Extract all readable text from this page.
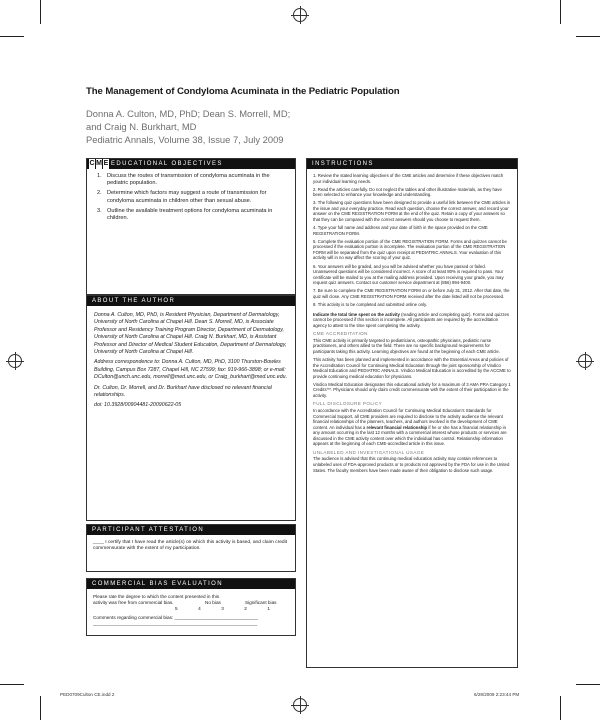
The Management of Condyloma Acuminata in the Pediatric Population
Donna A. Culton, MD, PhD; Dean S. Morrell, MD;
and Craig N. Burkhart, MD
Pediatric Annals, Volume 38, Issue 7, July 2009
C M E EDUCATIONAL OBJECTIVES
1. Discuss the routes of transmission of condyloma acuminata in the pediatric population.
2. Determine which factors may suggest a route of transmission for condyloma acuminata in children other than sexual abuse.
3. Outline the available treatment options for condyloma acuminata in children.
ABOUT THE AUTHOR

Donna A. Culton, MD, PhD, is Resident Physician, Department of Dermatology, University of North Carolina at Chapel Hill. Dean S. Morrell, MD, is Associate Professor and Residency Training Program Director, Department of Dermatology, University of North Carolina at Chapel Hill. Craig N. Burkhart, MD, is Assistant Professor and Director of Medical Student Education, Department of Dermatology, University of North Carolina at Chapel Hill.

Address correspondence to: Donna A. Culton, MD, PhD, 3100 Thurston-Bowles Building, Campus Box 7287, Chapel Hill, NC 27599; fax: 919-966-3898; or e-mail: DCulton@unch.unc.edu, morrell@med.unc.edu, or Craig_burkhart@med.unc.edu.

Dr. Culton, Dr. Morrell, and Dr. Burkhart have disclosed no relevant financial relationships.

doi: 10.3928/00904481-20090622-05

PARTICIPANT ATTESTATION
____ I certify that I have read the article(s) on which this activity is based, and claim credit commensurate with the extent of my participation.
COMMERCIAL BIAS EVALUATION
Please rate the degree to which the content presented in this
activity was free from commercial bias.	No bias	Significant bias
5	4	3	2	1
Comments regarding commercial bias: ________________________________
_______________________________________________________________
INSTRUCTIONS

1. Review the stated learning objectives of the CME articles and determine if these objectives match your individual learning needs.

2. Read the articles carefully. Do not neglect the tables and other illustrative materials, as they have been selected to enhance your knowledge and understanding.

3. The following quiz questions have been designed to provide a useful link between the CME articles in the issue and your everyday practice. Read each question, choose the correct answer, and record your answer on the CME REGISTRATION FORM at the end of the quiz. Retain a copy of your answers so that they can be compared with the correct answers should you choose to request them.

4. Type your full name and address and your date of birth in the space provided on the CME REGISTRATION FORM.

5. Complete the evaluation portion of the CME REGISTRATION FORM. Forms and quizzes cannot be processed if the evaluation portion is incomplete. The evaluation portion of the CME REGISTRATION FORM will be separated from the quiz upon receipt at PEDIATRIC ANNALS. Your evaluation of this activity will in no way affect the scoring of your quiz.

6. Your answers will be graded, and you will be advised whether you have passed or failed. Unanswered questions will be considered incorrect. A score of at least 80% is required to pass. Your certificate will be mailed to you at the mailing address provided. Upon receiving your grade, you may request quiz answers. Contact our customer service department at (856) 994-9400.

7. Be sure to complete the CME REGISTRATION FORM on or before July 31, 2012. After that date, the quiz will close. Any CME REGISTRATION FORM received after the date listed will not be processed.

8. This activity is to be completed and submitted online only.

Indicate the total time spent on the activity (reading article and completing quiz). Forms and quizzes cannot be processed if this section is incomplete. All participants are required by the accreditation agency to attest to the time spent completing the activity.

CME ACCREDITATION

This CME activity is primarily targeted to pediatricians, osteopathic physicians, pediatric nurse practitioners, and others allied to the field. There are no specific background requirements for participants taking this activity. Learning objectives are found at the beginning of each CME article.

This activity has been planned and implemented in accordance with the Essential Areas and policies of the Accreditation Council for Continuing Medical Education through the joint sponsorship of Vindico Medical Education and PEDIATRIC ANNALS. Vindico Medical Education is accredited by the ACCME to provide continuing medical education for physicians.

Vindico Medical Education designates this educational activity for a maximum of 3 AMA PRA Category 1 Credits™. Physicians should only claim credit commensurate with the extent of their participation in the activity.

FULL DISCLOSURE POLICY

In accordance with the Accreditation Council for Continuing Medical Education's Standards for Commercial Support, all CME providers are required to disclose to the activity audience the relevant financial relationships of the planners, teachers, and authors involved in the development of CME content. An individual has a relevant financial relationship if he or she has a financial relationship in any amount occurring in the last 12 months with a commercial interest whose products or services are discussed in the CME activity content over which the individual has control. Relationship information appears at the beginning of each CME-accredited article in this issue.

UNLABELED AND INVESTIGATIONAL USAGE

The audience is advised that this continuing medical education activity may contain references to unlabeled uses of FDA-approved products or to products not approved by the FDA for use in the United States. The faculty members have been made aware of their obligation to disclose such usage.

PED0709Culton CE.indd 2	6/29/2009 2:23:44 PM
